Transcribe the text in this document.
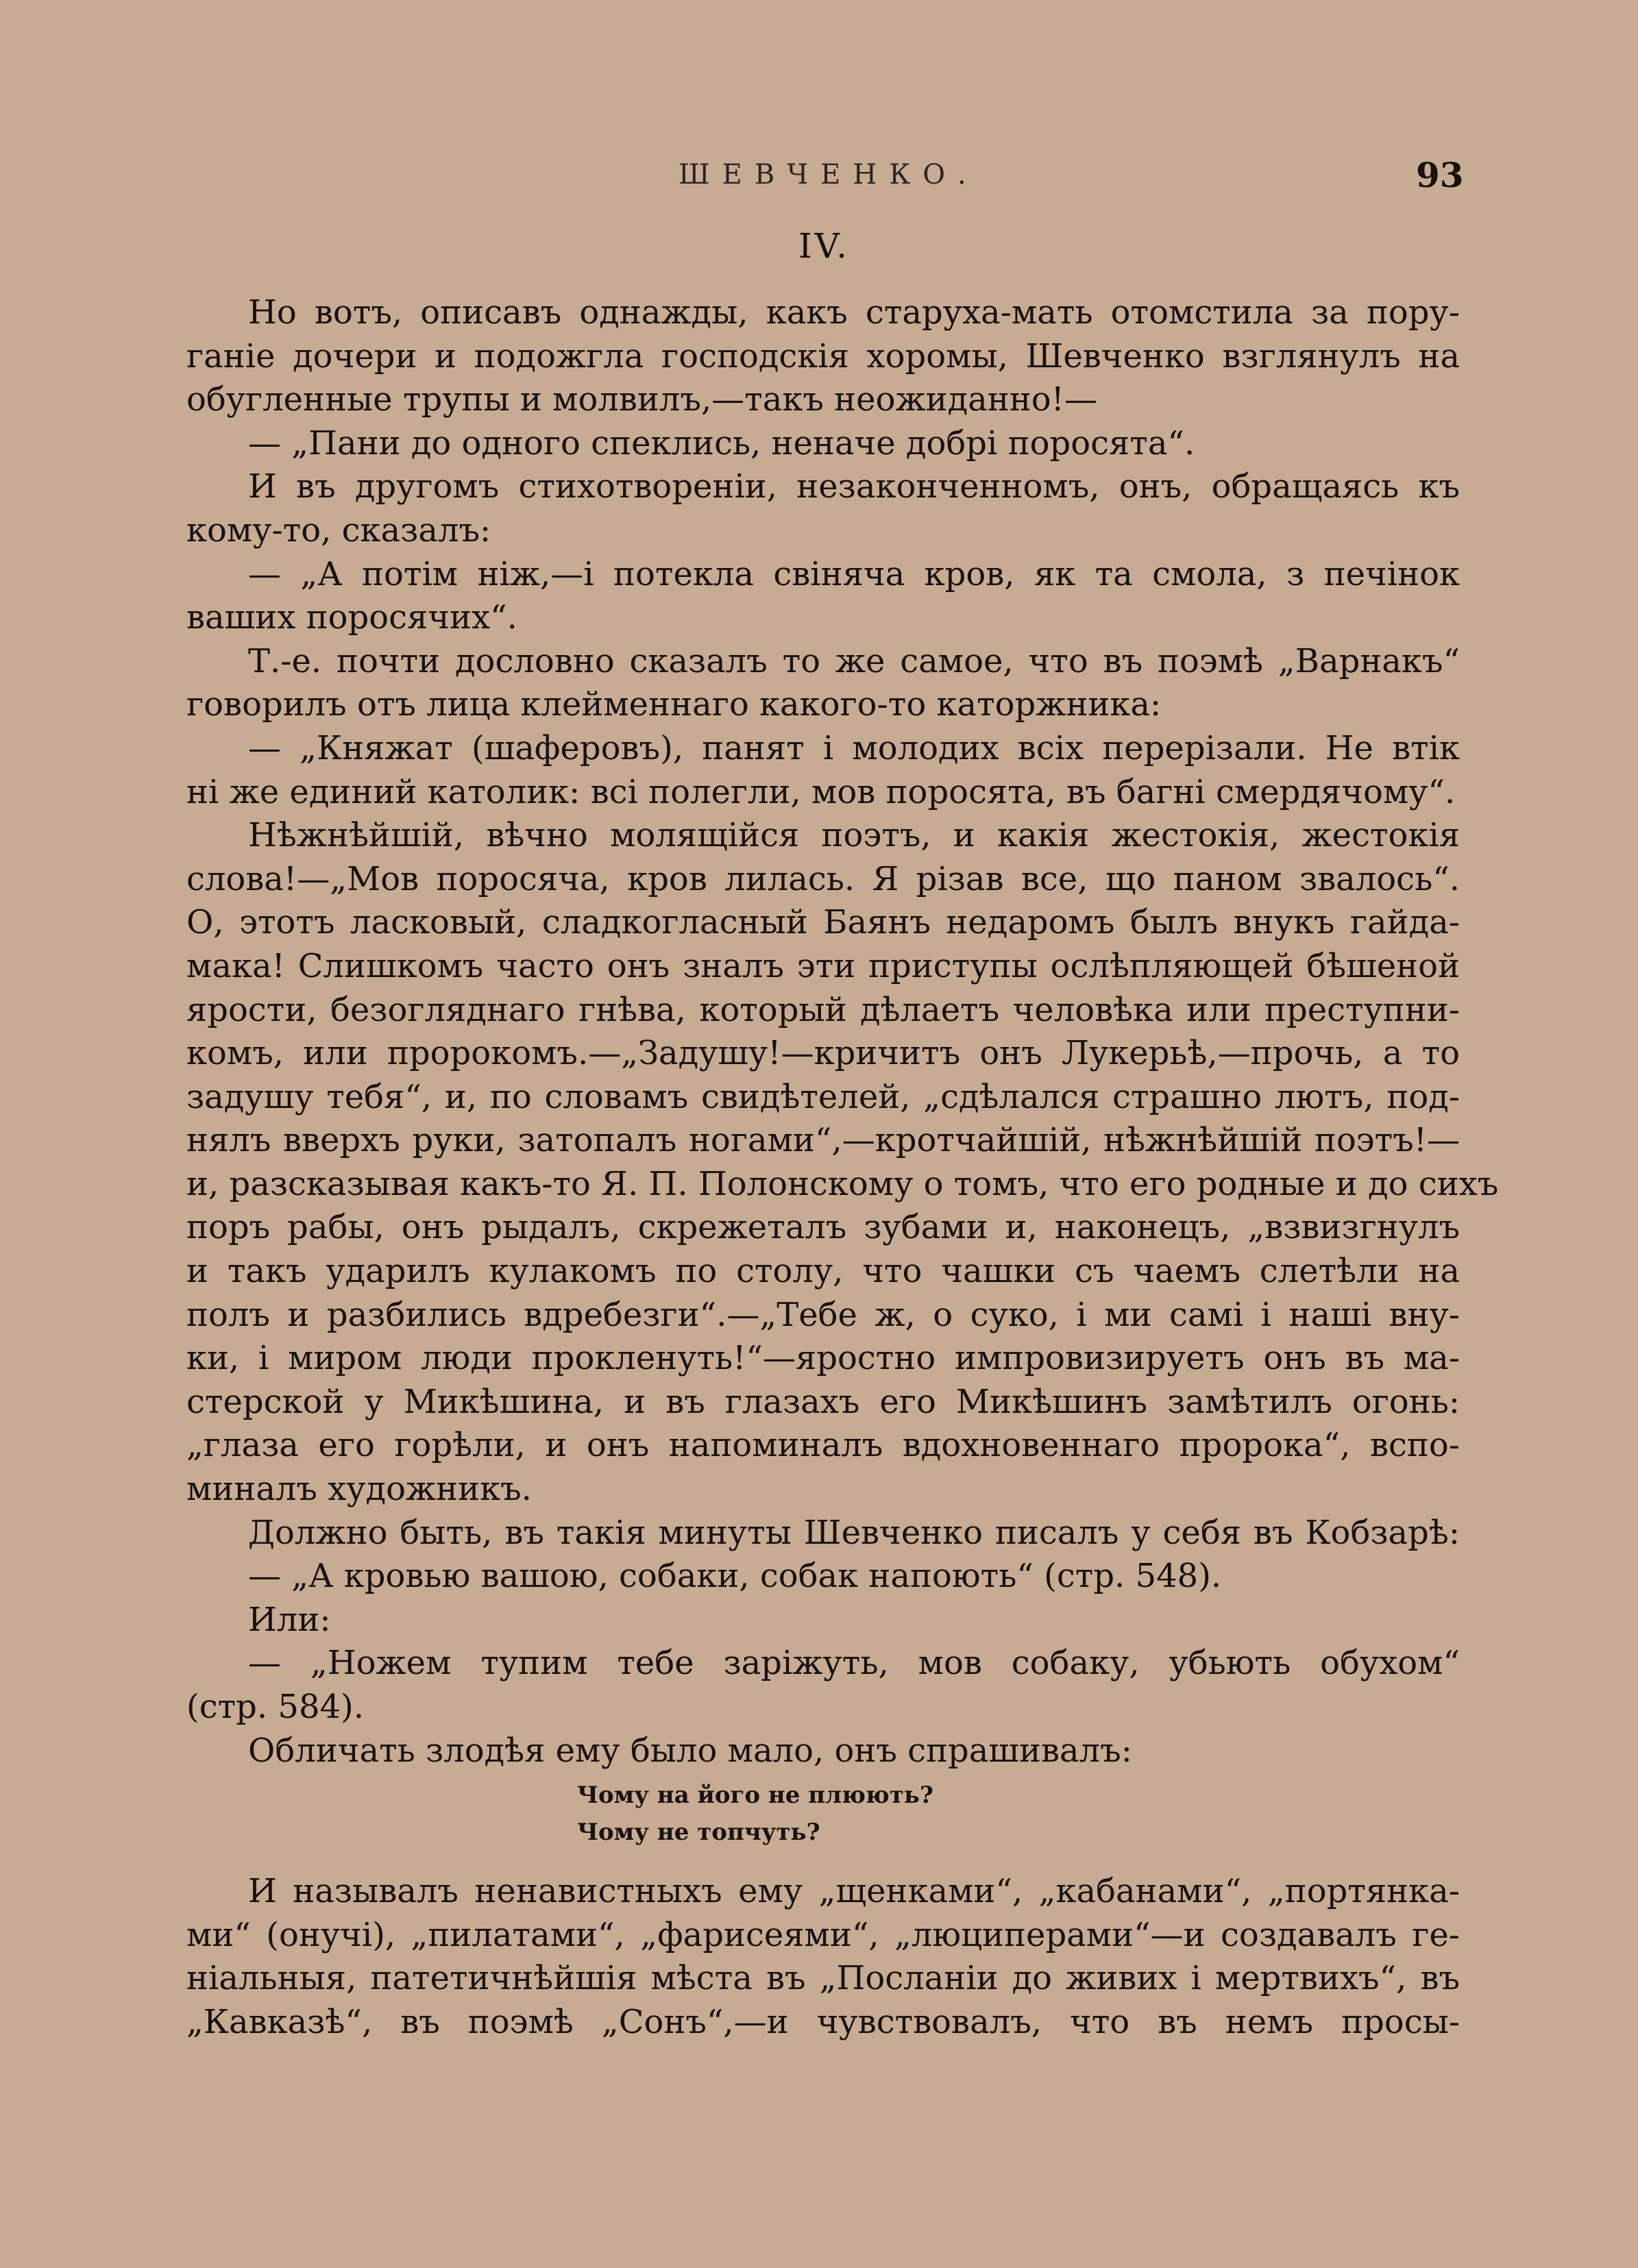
ШЕВЧЕНКО.	93
IV.
Но вотъ, описавъ однажды, какъ старуха-мать отомстила за пору-
ганіе дочери и подожгла господскія хоромы, Шевченко взглянулъ на
обугленные трупы и молвилъ,—такъ неожиданно!—
— „Пани до одного спеклись, неначе добрі поросята“.
И въ другомъ стихотвореніи, незаконченномъ, онъ, обращаясь къ
кому-то, сказалъ:
— „А потім ніж,—і потекла свіняча кров, як та смола, з печінок
ваших поросячих“.
Т.-е. почти дословно сказалъ то же самое, что въ поэмѣ „Варнакъ“
говорилъ отъ лица клейменнаго какого-то каторжника:
— „Княжат (шаферовъ), панят і молодих всіх перерізали. Не втік
ні же единий католик: всі полегли, мов поросята, въ багні смердячому“.
Нѣжнѣйшій, вѣчно молящійся поэтъ, и какія жестокія, жестокія
слова!—„Мов поросяча, кров лилась. Я різав все, що паном звалось“.
О, этотъ ласковый, сладкогласный Баянъ недаромъ былъ внукъ гайда-
мака! Слишкомъ часто онъ зналъ эти приступы ослѣпляющей бѣшеной
ярости, безоглядн​аго гнѣва, который дѣлаетъ человѣка или преступни-
комъ, или пророкомъ.—„Задушу!—кричитъ онъ Лукерьѣ,—прочь, а то
задушу тебя“, и, по словамъ свидѣтелей, „сдѣлался страшно лютъ, под-
нялъ вверхъ руки, затопалъ ногами“,—кротчайшій, нѣжнѣйшій поэтъ!—
и, разсказывая какъ-то Я. П. Полонскому о томъ, что его родные и до сихъ
поръ рабы, онъ рыдалъ, скрежеталъ зубами и, наконецъ, „взвизгнулъ
и такъ ударилъ кулакомъ по столу, что чашки съ чаемъ слетѣли на
полъ и разбились вдребезги“.—„Тебе ж, о суко, і ми самі і наші вну-
ки, і миром люди прокленуть!“—яростно импровизируетъ онъ въ ма-
стерской у Микѣшина, и въ глазахъ его Микѣшинъ замѣтилъ огонь:
„глаза его горѣли, и онъ напоминалъ вдохновеннаго пророка“, вспо-
миналъ художникъ.
Должно быть, въ такія минуты Шевченко писалъ у себя въ Кобзарѣ:
— „А кровью вашою, собаки, собак напоють“ (стр. 548).
Или:
— „Ножем тупим тебе заріжуть, мов собаку, убьють обухом“
(стр. 584).
Обличать злодѣя ему было мало, онъ спрашивалъ:
Чому на його не плюють?
Чому не топчуть?
И называлъ ненавистныхъ ему „щенками“, „кабанами“, „портянка-
ми“ (онучі), „пилатами“, „фарисеями“, „люциперами“—и создавалъ ге-
ніальныя, патетичнѣйшія мѣста въ „Посланіи до живих і мертвихъ“, въ
„Кавказѣ“, въ поэмѣ „Сонъ“,—и чувствовалъ, что въ немъ просы-
